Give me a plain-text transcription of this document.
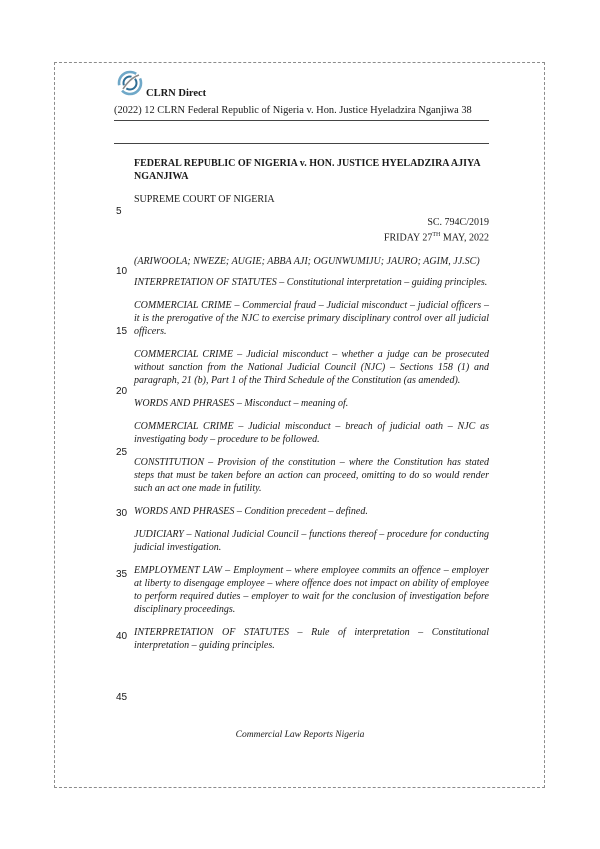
CLRN Direct
(2022) 12 CLRN Federal Republic of Nigeria v. Hon. Justice Hyeladzira Nganjiwa 38
FEDERAL REPUBLIC OF NIGERIA v. HON. JUSTICE HYELADZIRA AJIYA NGANJIWA
SUPREME COURT OF NIGERIA
SC. 794C/2019
FRIDAY 27TH MAY, 2022
5
10
15
20
25
30
35
40
45

(ARIWOOLA; NWEZE; AUGIE; ABBA AJI; OGUNWUMIJU; JAURO; AGIM, JJ.SC)

INTERPRETATION OF STATUTES – Constitutional interpretation – guiding principles.

COMMERCIAL CRIME – Commercial fraud – Judicial misconduct – judicial officers – it is the prerogative of the NJC to exercise primary disciplinary control over all judicial officers.

COMMERCIAL CRIME – Judicial misconduct – whether a judge can be prosecuted without sanction from the National Judicial Council (NJC) – Sections 158 (1) and paragraph, 21 (b), Part 1 of the Third Schedule of the Constitution (as amended).

WORDS AND PHRASES – Misconduct – meaning of.

COMMERCIAL CRIME – Judicial misconduct – breach of judicial oath – NJC as investigating body – procedure to be followed.

CONSTITUTION – Provision of the constitution – where the Constitution has stated steps that must be taken before an action can proceed, omitting to do so would render such an act one made in futility.

WORDS AND PHRASES – Condition precedent – defined.

JUDICIARY – National Judicial Council – functions thereof – procedure for conducting judicial investigation.

EMPLOYMENT LAW – Employment – where employee commits an offence – employer at liberty to disengage employee – where offence does not impact on ability of employee to perform required duties – employer to wait for the conclusion of investigation before disciplinary proceedings.

INTERPRETATION OF STATUTES – Rule of interpretation – Constitutional interpretation – guiding principles.

Commercial Law Reports Nigeria
